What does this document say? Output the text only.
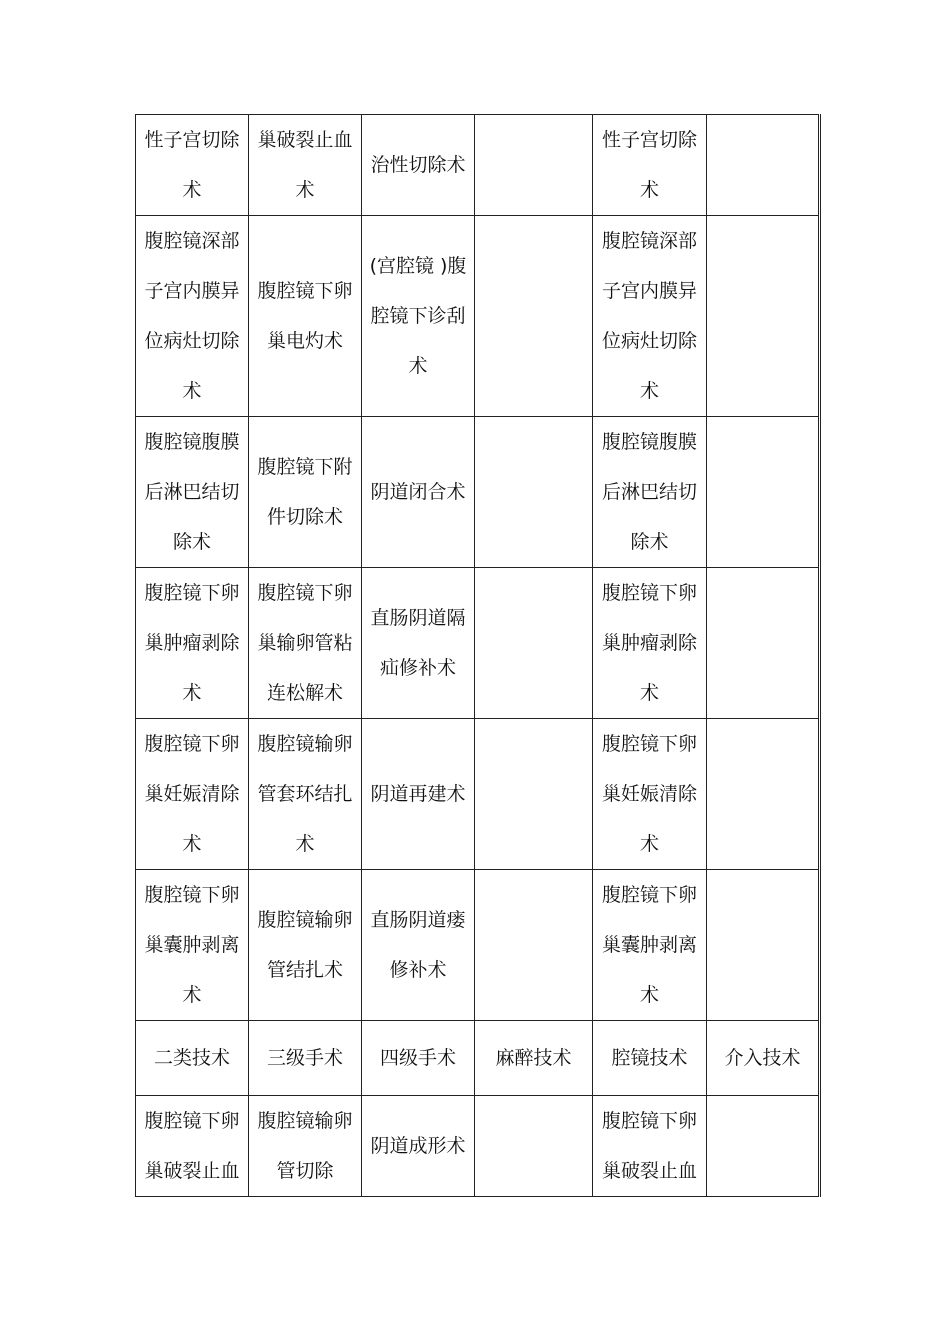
性子宫切除术	巢破裂止血术	治性切除术		性子宫切除术	
腹腔镜深部子宫内膜异位病灶切除术	腹腔镜下卵巢电灼术	(宫腔镜 )腹腔镜下诊刮术		腹腔镜深部子宫内膜异位病灶切除术	
腹腔镜腹膜后淋巴结切除术	腹腔镜下附件切除术	阴道闭合术		腹腔镜腹膜后淋巴结切除术	
腹腔镜下卵巢肿瘤剥除术	腹腔镜下卵巢输卵管粘连松解术	直肠阴道隔疝修补术		腹腔镜下卵巢肿瘤剥除术	
腹腔镜下卵巢妊娠清除术	腹腔镜输卵管套环结扎术	阴道再建术		腹腔镜下卵巢妊娠清除术	
腹腔镜下卵巢囊肿剥离术	腹腔镜输卵管结扎术	直肠阴道瘘修补术		腹腔镜下卵巢囊肿剥离术	
二类技术	三级手术	四级手术	麻醉技术	腔镜技术	介入技术
腹腔镜下卵巢破裂止血	腹腔镜输卵管切除	阴道成形术		腹腔镜下卵巢破裂止血	
